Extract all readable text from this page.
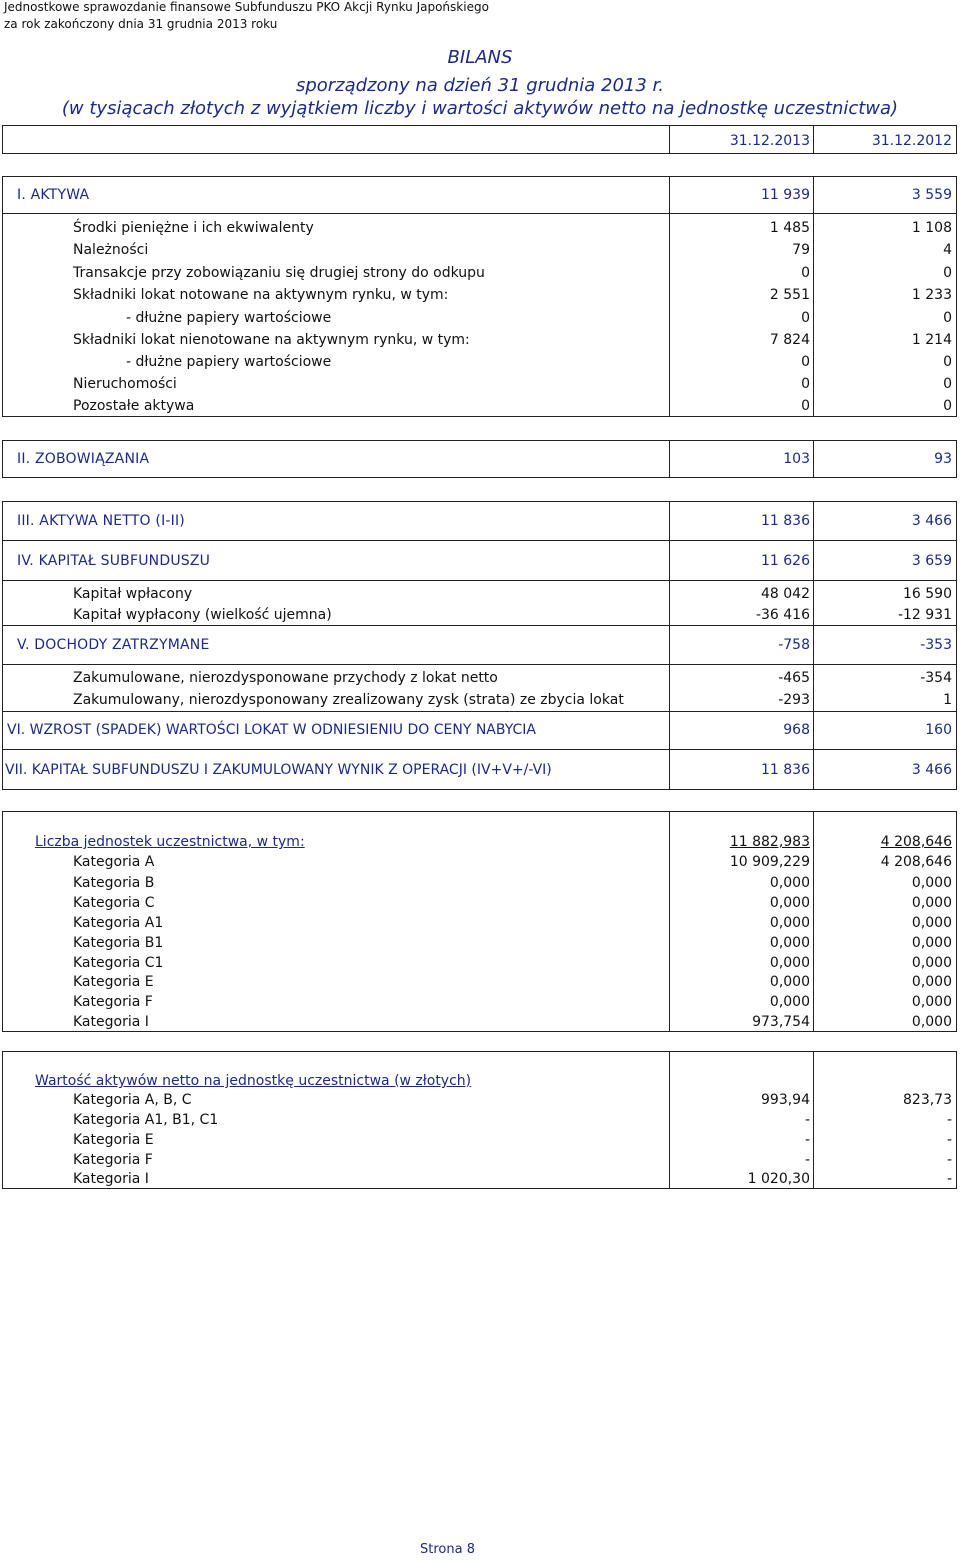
Jednostkowe sprawozdanie finansowe Subfunduszu PKO Akcji Rynku Japońskiego
za rok zakończony dnia 31 grudnia 2013 roku
BILANS
sporządzony na dzień 31 grudnia 2013 r.
(w tysiącach złotych z wyjątkiem liczby i wartości aktywów netto na jednostkę uczestnictwa)
31.12.2013	31.12.2012
I. AKTYWA	11 939	3 559
Środki pieniężne i ich ekwiwalenty	1 485	1 108
Należności	79	4
Transakcje przy zobowiązaniu się drugiej strony do odkupu	0	0
Składniki lokat notowane na aktywnym rynku, w tym:	2 551	1 233
- dłużne papiery wartościowe	0	0
Składniki lokat nienotowane na aktywnym rynku, w tym:	7 824	1 214
- dłużne papiery wartościowe	0	0
Nieruchomości	0	0
Pozostałe aktywa	0	0
II. ZOBOWIĄZANIA	103	93
III. AKTYWA NETTO (I-II)	11 836	3 466
IV. KAPITAŁ SUBFUNDUSZU	11 626	3 659
Kapitał wpłacony	48 042	16 590
Kapitał wypłacony (wielkość ujemna)	-36 416	-12 931
V. DOCHODY ZATRZYMANE	-758	-353
Zakumulowane, nierozdysponowane przychody z lokat netto	-465	-354
Zakumulowany, nierozdysponowany zrealizowany zysk (strata) ze zbycia lokat	-293	1
VI. WZROST (SPADEK) WARTOŚCI LOKAT W ODNIESIENIU DO CENY NABYCIA	968	160
VII. KAPITAŁ SUBFUNDUSZU I ZAKUMULOWANY WYNIK Z OPERACJI (IV+V+/-VI)	11 836	3 466
Liczba jednostek uczestnictwa, w tym:	11 882,983	4 208,646
Kategoria A	10 909,229	4 208,646
Kategoria B	0,000	0,000
Kategoria C	0,000	0,000
Kategoria A1	0,000	0,000
Kategoria B1	0,000	0,000
Kategoria C1	0,000	0,000
Kategoria E	0,000	0,000
Kategoria F	0,000	0,000
Kategoria I	973,754	0,000
Wartość aktywów netto na jednostkę uczestnictwa (w złotych)
Kategoria A, B, C	993,94	823,73
Kategoria A1, B1, C1	-	-
Kategoria E	-	-
Kategoria F	-	-
Kategoria I	1 020,30	-
Strona 8
